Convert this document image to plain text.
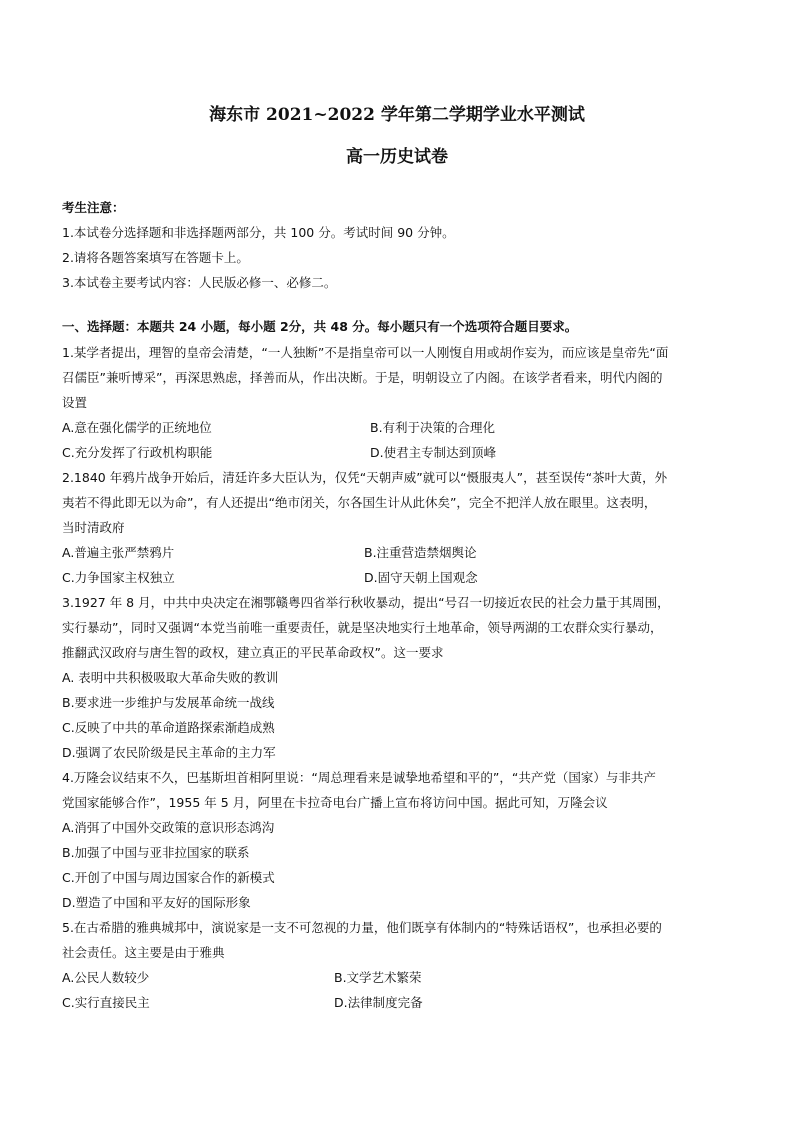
海东市 2021~2022 学年第二学期学业水平测试
高一历史试卷
考生注意：
1.本试卷分选择题和非选择题两部分，共 100 分。考试时间 90 分钟。
2.请将各题答案填写在答题卡上。
3.本试卷主要考试内容：人民版必修一、必修二。
一、选择题：本题共 24 小题，每小题 2分，共 48 分。每小题只有一个选项符合题目要求。
1.某学者提出，理智的皇帝会清楚，“一人独断”不是指皇帝可以一人刚愎自用或胡作妄为，而应该是皇帝先“面
召儒臣”兼听博采”，再深思熟虑，择善而从，作出决断。于是，明朝设立了内阁。在该学者看来，明代内阁的
设置
A.意在强化儒学的正统地位	B.有利于决策的合理化
C.充分发挥了行政机构职能	D.使君主专制达到顶峰
2.1840 年鸦片战争开始后，清廷许多大臣认为，仅凭“天朝声威”就可以“慑服夷人”，甚至误传“茶叶大黄，外
夷若不得此即无以为命”，有人还提出“绝市闭关，尔各国生计从此休矣”，完全不把洋人放在眼里。这表明，
当时清政府
A.普遍主张严禁鸦片	B.注重营造禁烟舆论
C.力争国家主权独立	D.固守天朝上国观念
3.1927 年 8 月，中共中央决定在湘鄂赣粤四省举行秋收暴动，提出“号召一切接近农民的社会力量于其周围，
实行暴动”，同时又强调“本党当前唯一重要责任，就是坚决地实行土地革命，领导两湖的工农群众实行暴动，
推翻武汉政府与唐生智的政权，建立真正的平民革命政权”。这一要求
A. 表明中共积极吸取大革命失败的教训
B.要求进一步维护与发展革命统一战线
C.反映了中共的革命道路探索渐趋成熟
D.强调了农民阶级是民主革命的主力军
4.万隆会议结束不久，巴基斯坦首相阿里说：“周总理看来是诚挚地希望和平的”，“共产党（国家）与非共产
党国家能够合作”，1955 年 5 月，阿里在卡拉奇电台广播上宣布将访问中国。据此可知，万隆会议
A.消弭了中国外交政策的意识形态鸿沟
B.加强了中国与亚非拉国家的联系
C.开创了中国与周边国家合作的新模式
D.塑造了中国和平友好的国际形象
5.在古希腊的雅典城邦中，演说家是一支不可忽视的力量，他们既享有体制内的“特殊话语权”，也承担必要的
社会责任。这主要是由于雅典
A.公民人数较少	B.文学艺术繁荣
C.实行直接民主	D.法律制度完备
